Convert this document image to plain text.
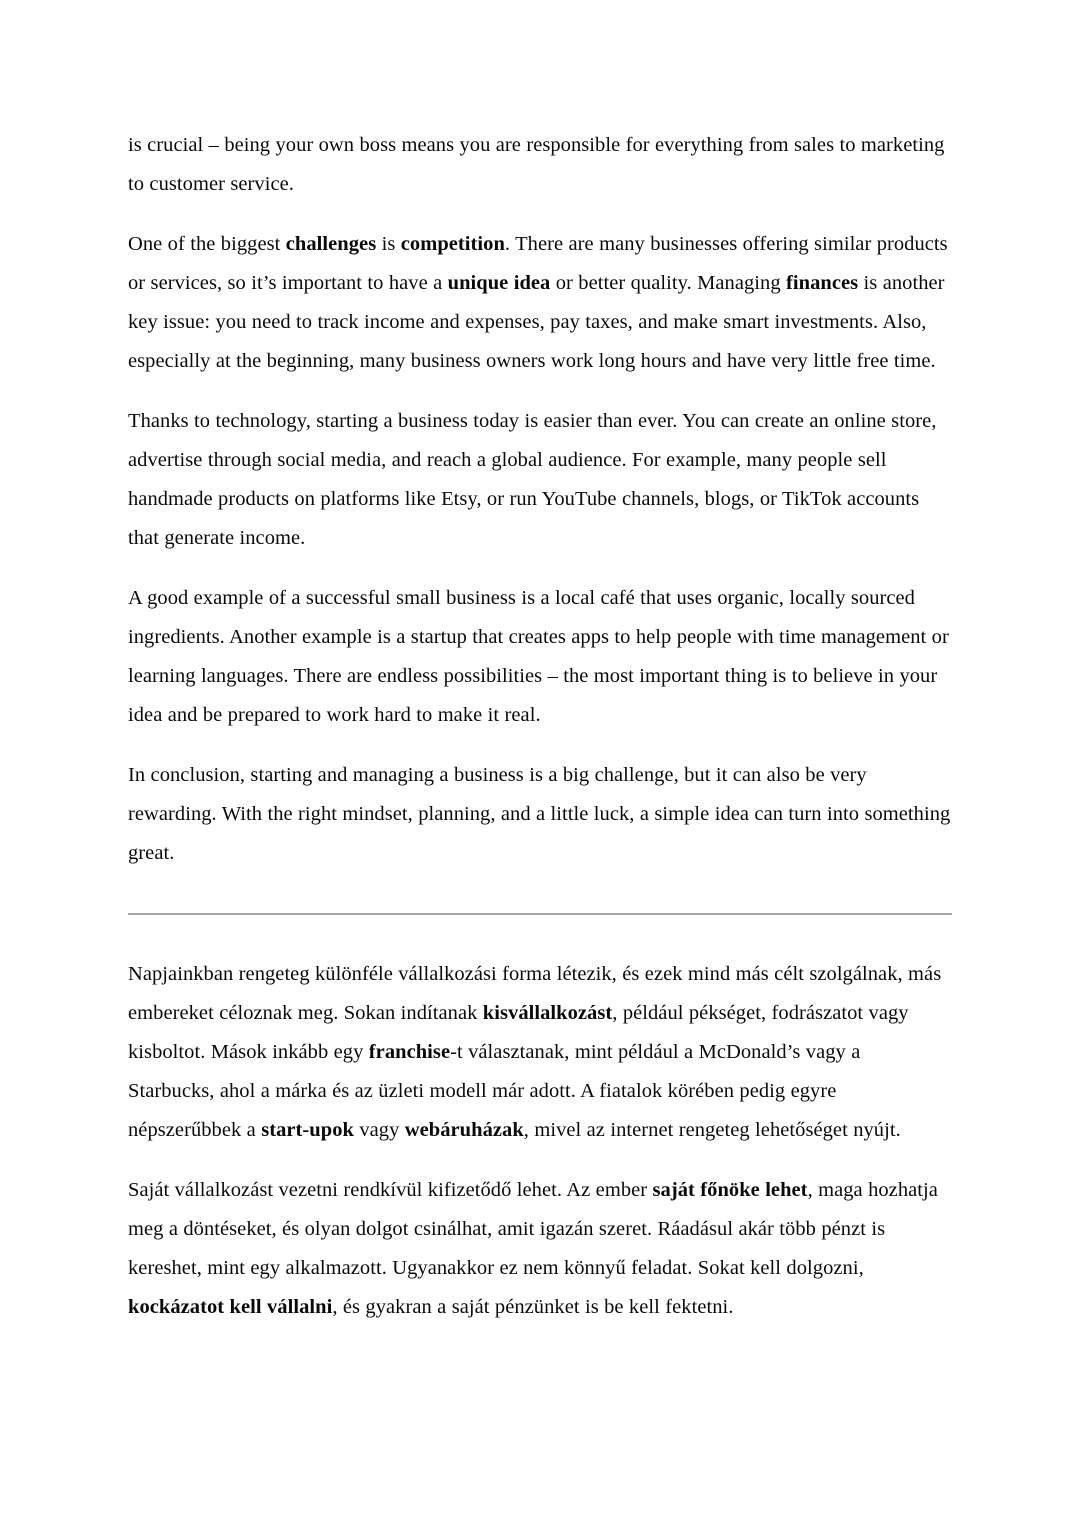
is crucial – being your own boss means you are responsible for everything from sales to marketing to customer service.

One of the biggest challenges is competition. There are many businesses offering similar products or services, so it’s important to have a unique idea or better quality. Managing finances is another key issue: you need to track income and expenses, pay taxes, and make smart investments. Also, especially at the beginning, many business owners work long hours and have very little free time.

Thanks to technology, starting a business today is easier than ever. You can create an online store, advertise through social media, and reach a global audience. For example, many people sell handmade products on platforms like Etsy, or run YouTube channels, blogs, or TikTok accounts that generate income.

A good example of a successful small business is a local café that uses organic, locally sourced ingredients. Another example is a startup that creates apps to help people with time management or learning languages. There are endless possibilities – the most important thing is to believe in your idea and be prepared to work hard to make it real.

In conclusion, starting and managing a business is a big challenge, but it can also be very rewarding. With the right mindset, planning, and a little luck, a simple idea can turn into something great.

Napjainkban rengeteg különféle vállalkozási forma létezik, és ezek mind más célt szolgálnak, más embereket céloznak meg. Sokan indítanak kisvállalkozást, például pékséget, fodrászatot vagy kisboltot. Mások inkább egy franchise-t választanak, mint például a McDonald’s vagy a Starbucks, ahol a márka és az üzleti modell már adott. A fiatalok körében pedig egyre népszerűbbek a start-upok vagy webáruházak, mivel az internet rengeteg lehetőséget nyújt.

Saját vállalkozást vezetni rendkívül kifizetődő lehet. Az ember saját főnöke lehet, maga hozhatja meg a döntéseket, és olyan dolgot csinálhat, amit igazán szeret. Ráadásul akár több pénzt is kereshet, mint egy alkalmazott. Ugyanakkor ez nem könnyű feladat. Sokat kell dolgozni, kockázatot kell vállalni, és gyakran a saját pénzünket is be kell fektetni.
